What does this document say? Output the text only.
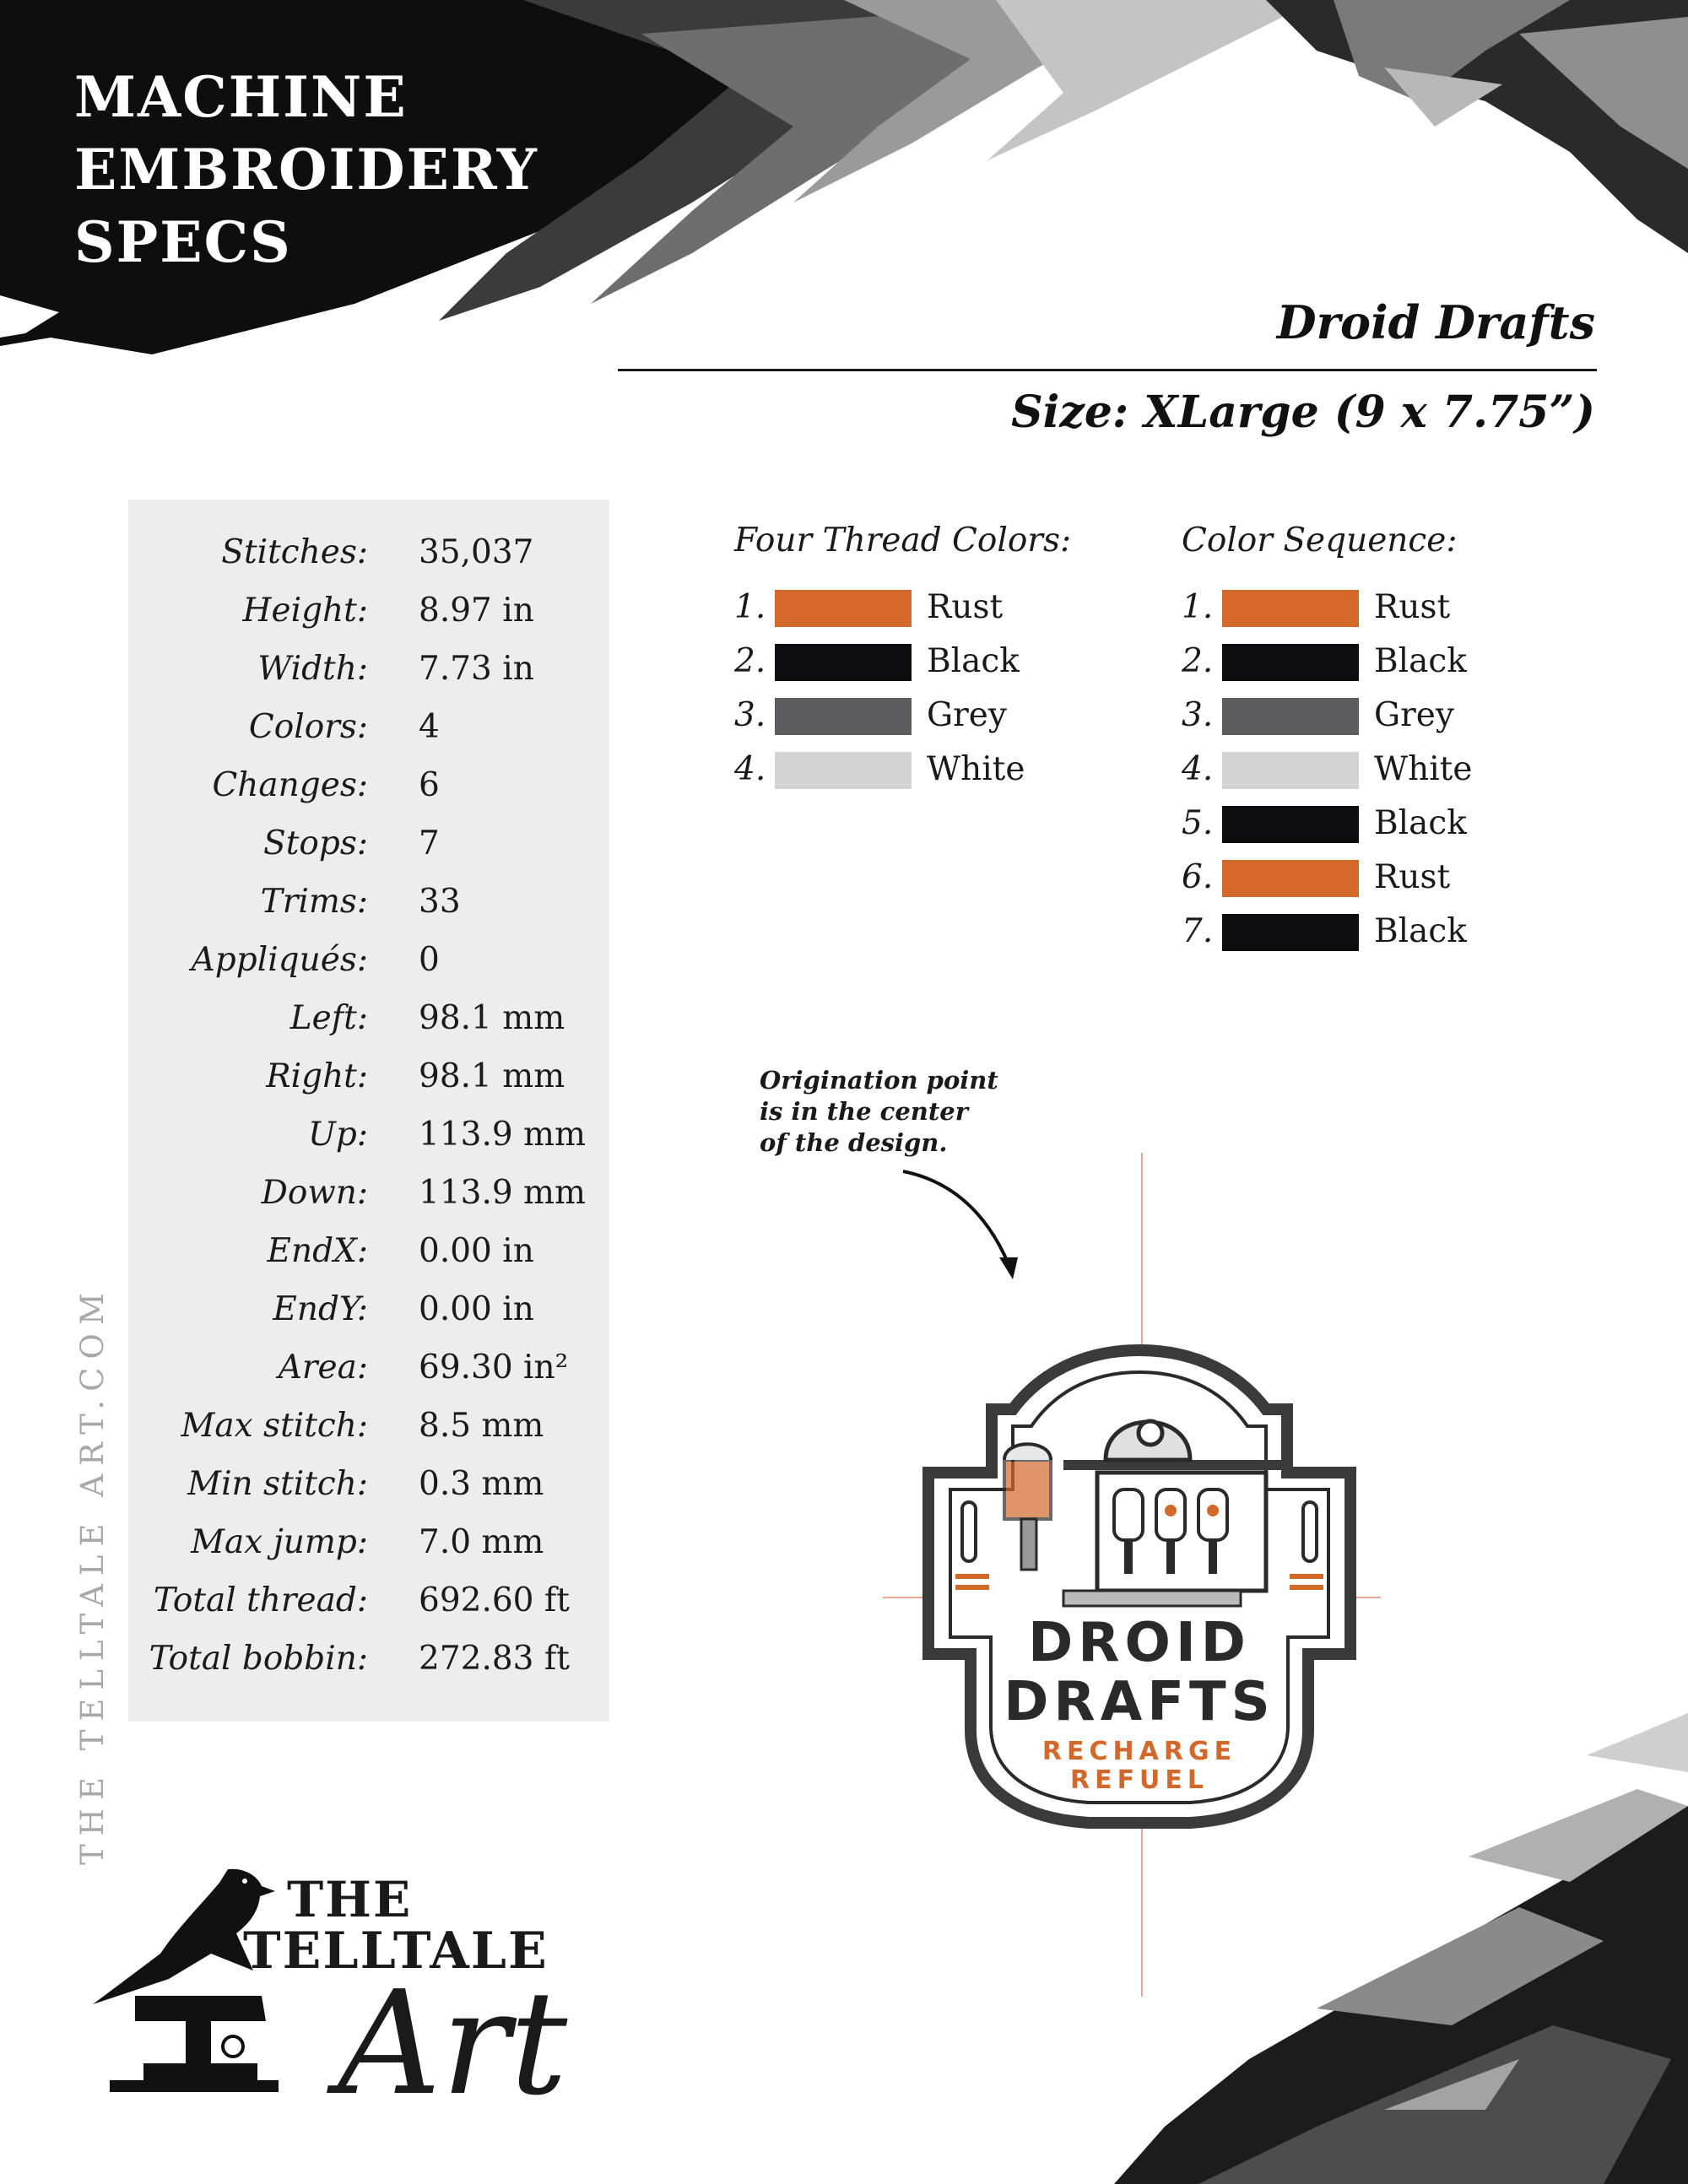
MACHINE
EMBROIDERY
SPECS
Droid Drafts
Size: XLarge (9 x 7.75”)
Stitches: 35,037
Height: 8.97 in
Width: 7.73 in
Colors: 4
Changes: 6
Stops: 7
Trims: 33
Appliqués: 0
Left: 98.1 mm
Right: 98.1 mm
Up: 113.9 mm
Down: 113.9 mm
EndX: 0.00 in
EndY: 0.00 in
Area: 69.30 in²
Max stitch: 8.5 mm
Min stitch: 0.3 mm
Max jump: 7.0 mm
Total thread: 692.60 ft
Total bobbin: 272.83 ft
Four Thread Colors:
1.	Rust
2.	Black
3.	Grey
4.	White
Color Sequence:
1.	Rust
2.	Black
3.	Grey
4.	White
5.	Black
6.	Rust
7.	Black
Origination point
is in the center
of the design.
DROID
DRAFTS
RECHARGE
REFUEL
THE TELLTALE ART.COM
THE
TELLTALE
Art
